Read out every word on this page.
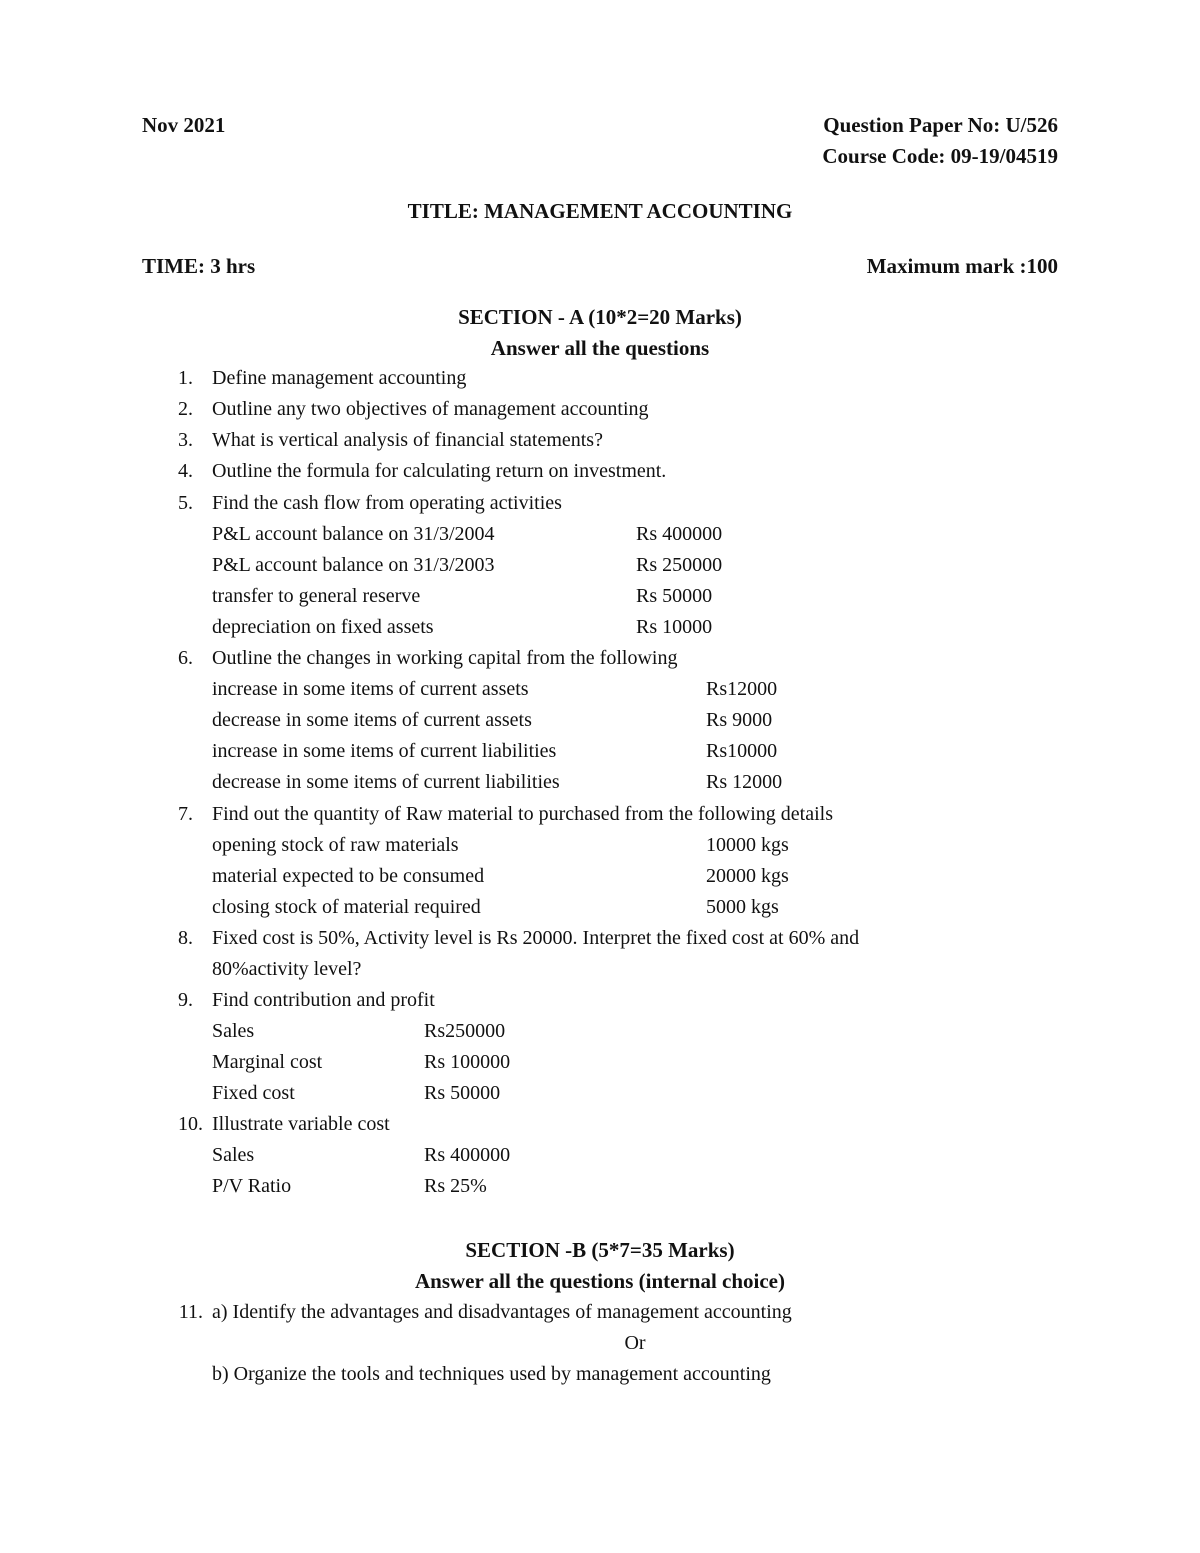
Nov 2021	Question Paper No: U/526
Course Code: 09-19/04519
TITLE: MANAGEMENT ACCOUNTING
TIME: 3 hrs	Maximum mark :100
SECTION - A (10*2=20 Marks)
Answer all the questions
1. Define management accounting
2. Outline any two objectives of management accounting
3. What is vertical analysis of financial statements?
4. Outline the formula for calculating return on investment.
5. Find the cash flow from operating activities
P&L account balance on 31/3/2004	Rs 400000
P&L account balance on 31/3/2003	Rs 250000
transfer to general reserve	Rs 50000
depreciation on fixed assets	Rs 10000
6. Outline the changes in working capital from the following
increase in some items of current assets	Rs12000
decrease in some items of current assets	Rs 9000
increase in some items of current liabilities	Rs10000
decrease in some items of current liabilities	Rs 12000
7. Find out the quantity of Raw material to purchased from the following details
opening stock of raw materials	10000 kgs
material expected to be consumed	20000 kgs
closing stock of material required	5000 kgs
8. Fixed cost is 50%, Activity level is Rs 20000. Interpret the fixed cost at 60% and
80%activity level?
9. Find contribution and profit
Sales	Rs250000
Marginal cost	Rs 100000
Fixed cost	Rs 50000
10. Illustrate variable cost
Sales	Rs 400000
P/V Ratio	Rs 25%
SECTION -B (5*7=35 Marks)
Answer all the questions (internal choice)
11. a) Identify the advantages and disadvantages of management accounting
Or
b) Organize the tools and techniques used by management accounting
